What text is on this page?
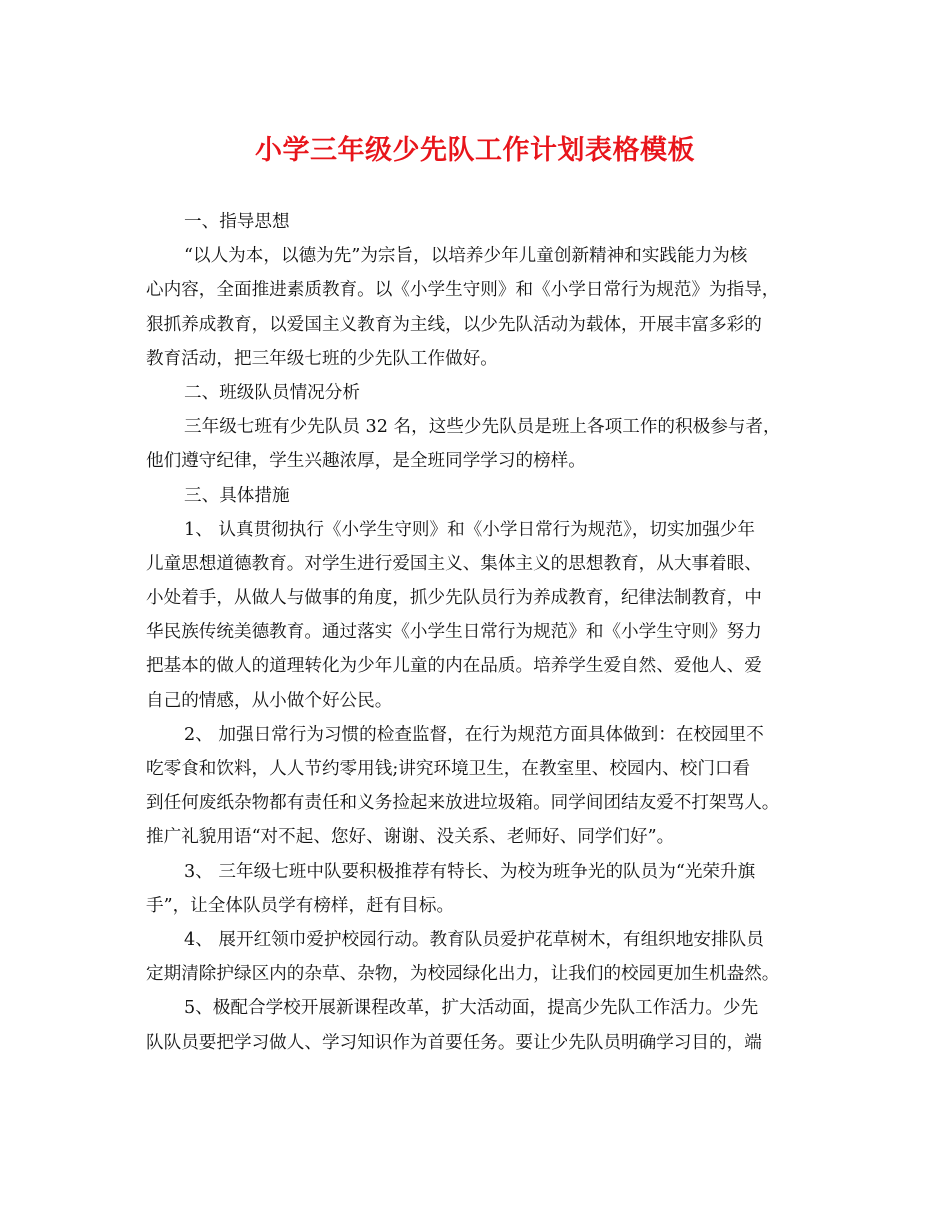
小学三年级少先队工作计划表格模板
一、指导思想
“以人为本，以德为先”为宗旨，以培养少年儿童创新精神和实践能力为核
心内容，全面推进素质教育。以《小学生守则》和《小学日常行为规范》为指导，
狠抓养成教育，以爱国主义教育为主线，以少先队活动为载体，开展丰富多彩的
教育活动，把三年级七班的少先队工作做好。
二、班级队员情况分析
三年级七班有少先队员 32 名，这些少先队员是班上各项工作的积极参与者，
他们遵守纪律，学生兴趣浓厚，是全班同学学习的榜样。
三、具体措施
1、 认真贯彻执行《小学生守则》和《小学日常行为规范》，切实加强少年
儿童思想道德教育。对学生进行爱国主义、集体主义的思想教育，从大事着眼、
小处着手，从做人与做事的角度，抓少先队员行为养成教育，纪律法制教育，中
华民族传统美德教育。通过落实《小学生日常行为规范》和《小学生守则》努力
把基本的做人的道理转化为少年儿童的内在品质。培养学生爱自然、爱他人、爱
自己的情感，从小做个好公民。
2、 加强日常行为习惯的检查监督，在行为规范方面具体做到：在校园里不
吃零食和饮料，人人节约零用钱;讲究环境卫生，在教室里、校园内、校门口看
到任何废纸杂物都有责任和义务捡起来放进垃圾箱。同学间团结友爱不打架骂人。
推广礼貌用语“对不起、您好、谢谢、没关系、老师好、同学们好”。
3、 三年级七班中队要积极推荐有特长、为校为班争光的队员为“光荣升旗
手”，让全体队员学有榜样，赶有目标。
4、 展开红领巾爱护校园行动。教育队员爱护花草树木，有组织地安排队员
定期清除护绿区内的杂草、杂物，为校园绿化出力，让我们的校园更加生机盎然。
5、极配合学校开展新课程改革，扩大活动面，提高少先队工作活力。少先
队队员要把学习做人、学习知识作为首要任务。要让少先队员明确学习目的，端
